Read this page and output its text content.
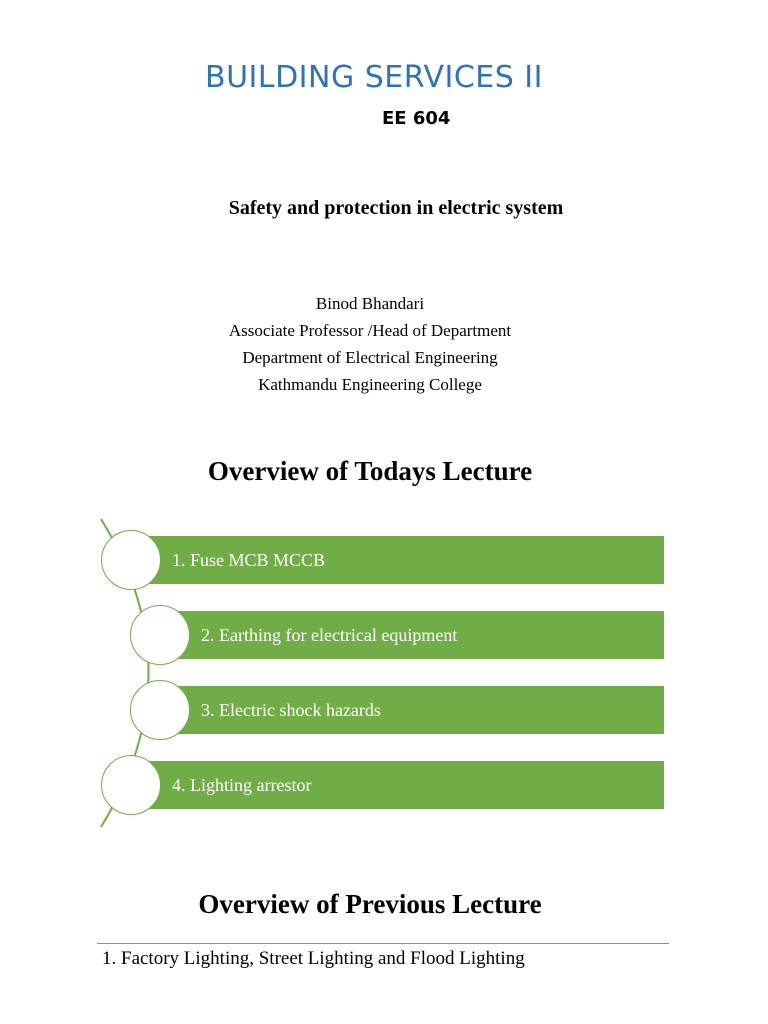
BUILDING SERVICES II
EE 604
Safety and protection in electric system
Binod Bhandari
Associate Professor /Head of Department
Department of Electrical Engineering
Kathmandu Engineering College
Overview of Todays Lecture
1. Fuse MCB MCCB
2. Earthing for electrical equipment
3. Electric shock hazards
4. Lighting arrestor
Overview of Previous Lecture
1. Factory Lighting, Street Lighting and Flood Lighting
